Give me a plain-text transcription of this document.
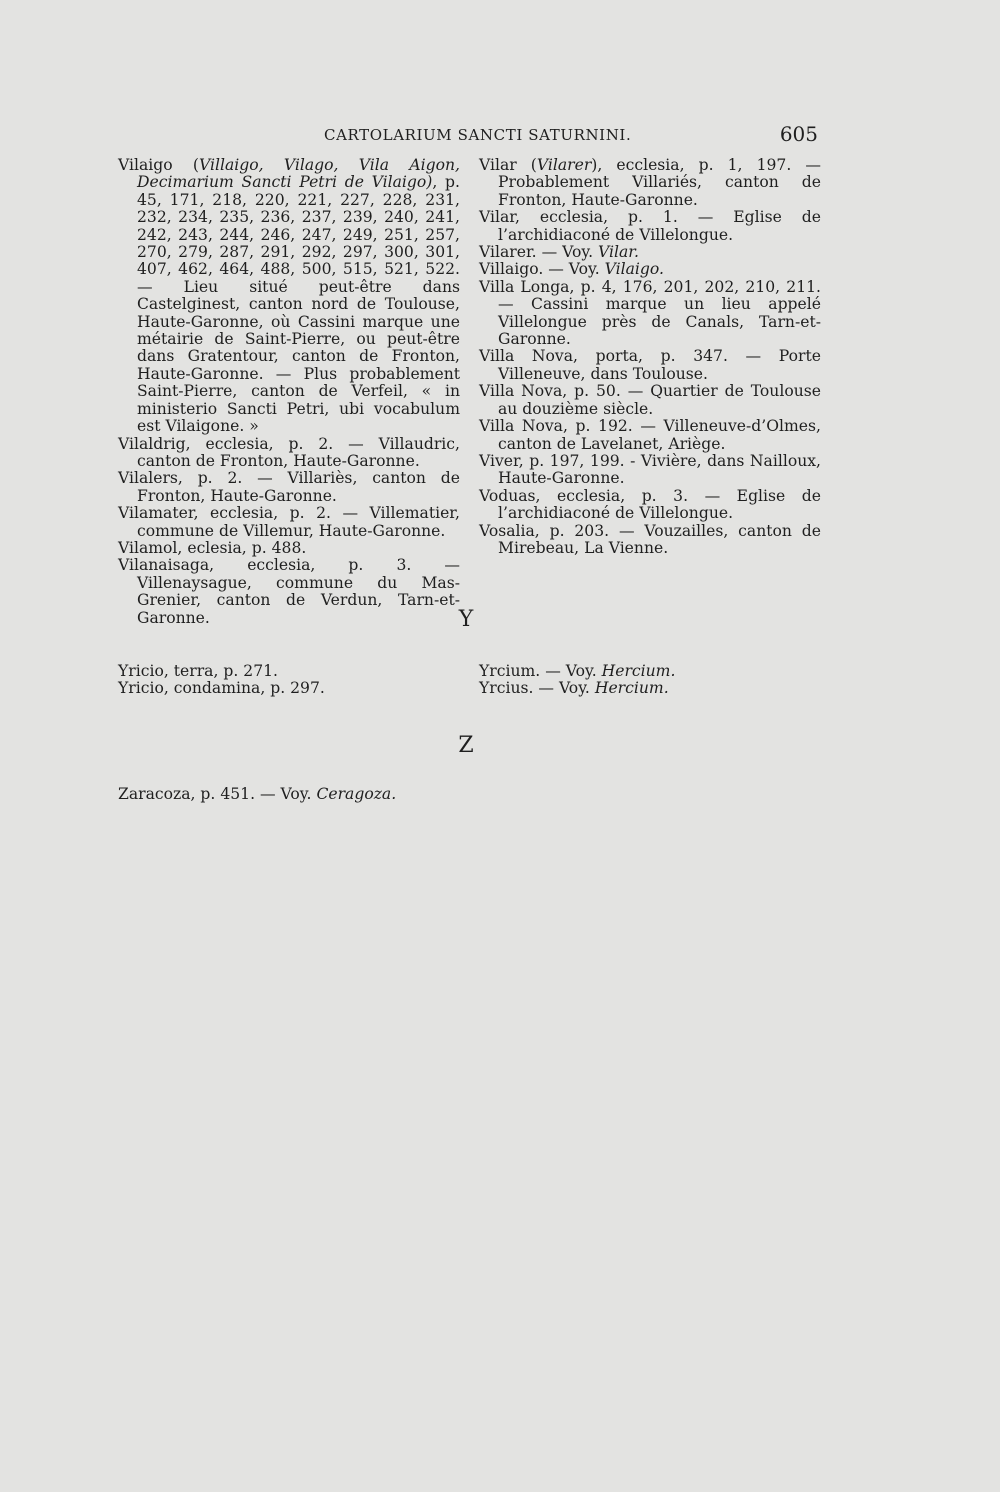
CARTOLARIUM SANCTI SATURNINI.	605

Vilaigo (Villaigo, Vilago, Vila Aigon, Decimarium Sancti Petri de Vilaigo), p. 45, 171, 218, 220, 221, 227, 228, 231, 232, 234, 235, 236, 237, 239, 240, 241, 242, 243, 244, 246, 247, 249, 251, 257, 270, 279, 287, 291, 292, 297, 300, 301, 407, 462, 464, 488, 500, 515, 521, 522. — Lieu situé peut-être dans Castelginest, canton nord de Toulouse, Haute-Garonne, où Cassini marque une métairie de Saint-Pierre, ou peut-être dans Gratentour, canton de Fronton, Haute-Garonne. — Plus probablement Saint-Pierre, canton de Verfeil, « in ministerio Sancti Petri, ubi vocabulum est Vilaigone. »

Vilaldrig, ecclesia, p. 2. — Villaudric, canton de Fronton, Haute-Garonne.

Vilalers, p. 2. — Villariès, canton de Fronton, Haute-Garonne.

Vilamater, ecclesia, p. 2. — Villematier, commune de Villemur, Haute-Garonne.

Vilamol, eclesia, p. 488.

Vilanaisaga, ecclesia, p. 3. — Villenaysague, commune du Mas-Grenier, canton de Verdun, Tarn-et-Garonne.

Vilar (Vilarer), ecclesia, p. 1, 197. — Probablement Villariés, canton de Fronton, Haute-Garonne.

Vilar, ecclesia, p. 1. — Eglise de l’archidiaconé de Villelongue.

Vilarer. — Voy. Vilar.

Villaigo. — Voy. Vilaigo.

Villa Longa, p. 4, 176, 201, 202, 210, 211. — Cassini marque un lieu appelé Villelongue près de Canals, Tarn-et-Garonne.

Villa Nova, porta, p. 347. — Porte Villeneuve, dans Toulouse.

Villa Nova, p. 50. — Quartier de Toulouse au douzième siècle.

Villa Nova, p. 192. — Villeneuve-d’Olmes, canton de Lavelanet, Ariège.

Viver, p. 197, 199. - Vivière, dans Nailloux, Haute-Garonne.

Voduas, ecclesia, p. 3. — Eglise de l’archidiaconé de Villelongue.

Vosalia, p. 203. — Vouzailles, canton de Mirebeau, La Vienne.

Y
Yricio, terra, p. 271.
Yricio, condamina, p. 297.
Yrcium. — Voy. Hercium.
Yrcius. — Voy. Hercium.
Z
Zaracoza, p. 451. — Voy. Ceragoza.
